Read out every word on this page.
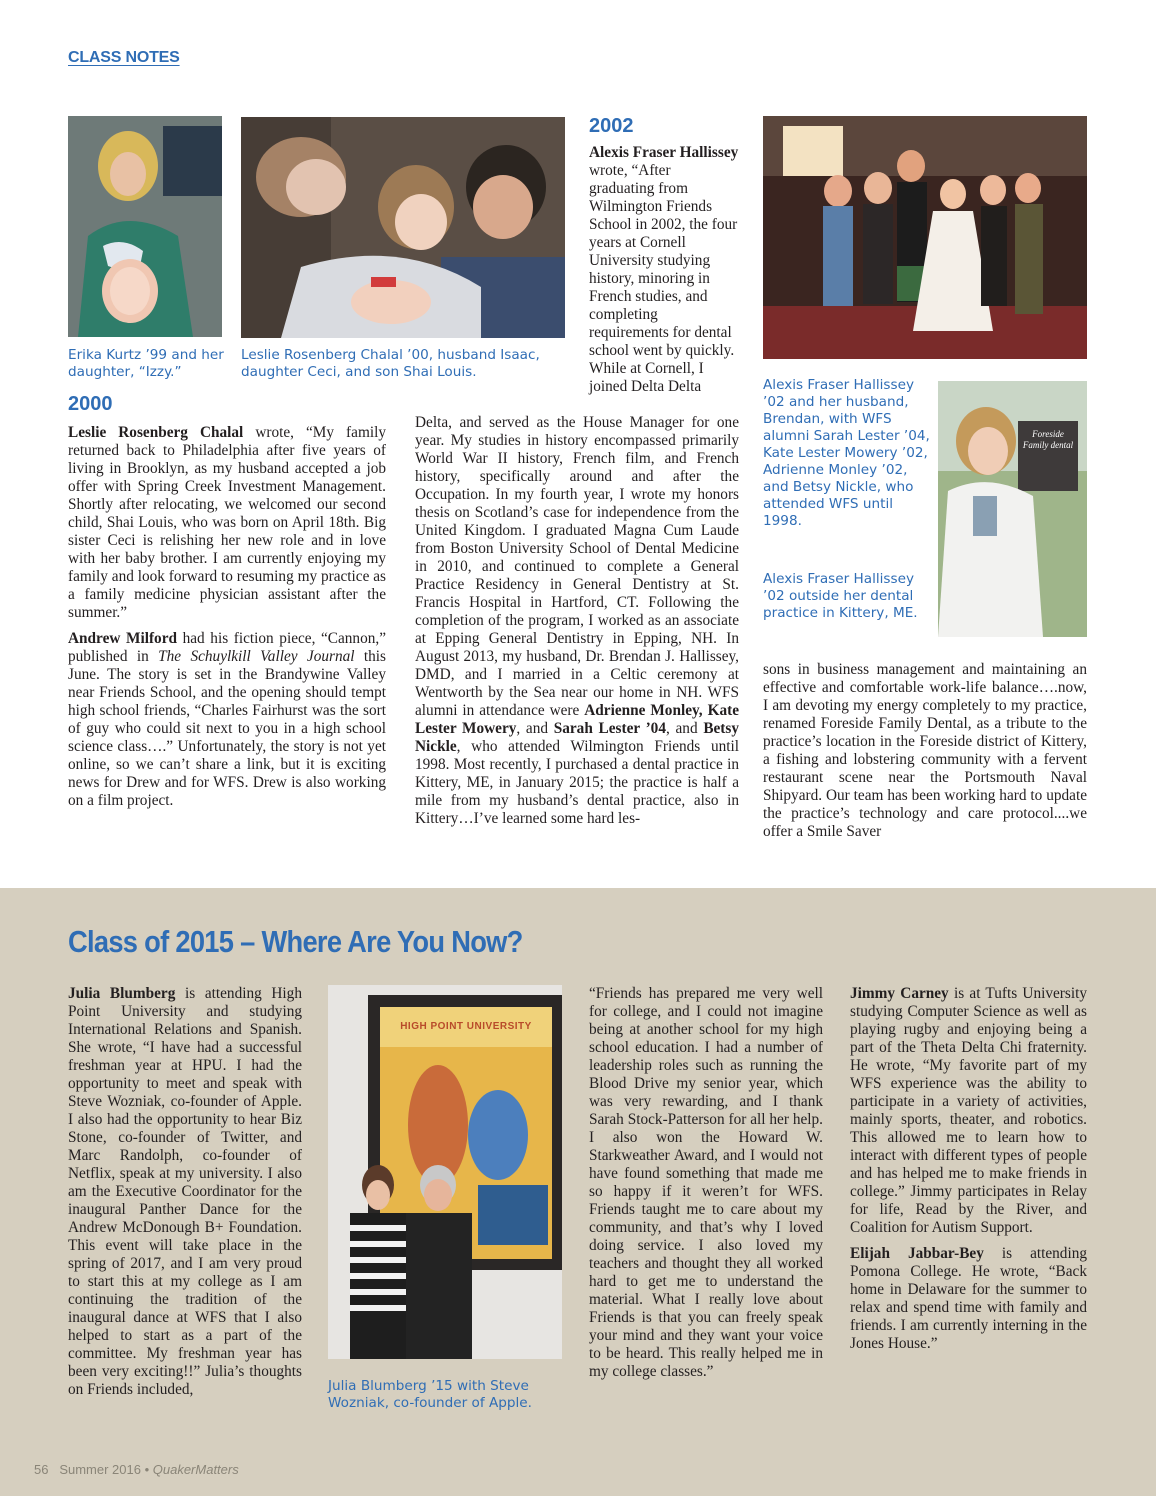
CLASS NOTES
Erika Kurtz ’99 and her daughter, “Izzy.”
Leslie Rosenberg Chalal ’00, husband Isaac, daughter Ceci, and son Shai Louis.
Alexis Fraser Hallissey ’02 and her husband, Brendan, with WFS alumni Sarah Lester ’04, Kate Lester Mowery ’02, Adrienne Monley ’02, and Betsy Nickle, who attended WFS until 1998.
Alexis Fraser Hallissey ’02 outside her dental practice in Kittery, ME.
Foreside Family dental
2000

Leslie Rosenberg Chalal wrote, “My family returned back to Philadelphia after five years of living in Brooklyn, as my husband accepted a job offer with Spring Creek Investment Management. Shortly after relocating, we welcomed our second child, Shai Louis, who was born on April 18th. Big sister Ceci is relishing her new role and in love with her baby brother. I am currently enjoying my family and look forward to resuming my practice as a family medicine physician assistant after the summer.”

Andrew Milford had his fiction piece, “Cannon,” published in The Schuylkill Valley Journal this June. The story is set in the Brandywine Valley near Friends School, and the opening should tempt high school friends, “Charles Fairhurst was the sort of guy who could sit next to you in a high school science class….” Unfortunately, the story is not yet online, so we can’t share a link, but it is exciting news for Drew and for WFS. Drew is also working on a film project.

2002

Alexis Fraser Hallissey wrote, “After graduating from Wilmington Friends School in 2002, the four years at Cornell University studying history, minoring in French studies, and completing requirements for dental school went by quickly. While at Cornell, I joined Delta Delta

Delta, and served as the House Manager for one year. My studies in history encompassed primarily World War II history, French film, and French history, specifically around and after the Occupation. In my fourth year, I wrote my honors thesis on Scotland’s case for independence from the United Kingdom. I graduated Magna Cum Laude from Boston University School of Dental Medicine in 2010, and continued to complete a General Practice Residency in General Dentistry at St. Francis Hospital in Hartford, CT. Following the completion of the program, I worked as an associate at Epping General Dentistry in Epping, NH. In August 2013, my husband, Dr. Brendan J. Hallissey, DMD, and I married in a Celtic ceremony at Wentworth by the Sea near our home in NH. WFS alumni in attendance were Adrienne Monley, Kate Lester Mowery, and Sarah Lester ’04, and Betsy Nickle, who attended Wilmington Friends until 1998. Most recently, I purchased a dental practice in Kittery, ME, in January 2015; the practice is half a mile from my husband’s dental practice, also in Kittery…I’ve learned some hard les-

sons in business management and maintaining an effective and comfortable work-life balance….now, I am devoting my energy completely to my practice, renamed Foreside Family Dental, as a tribute to the practice’s location in the Foreside district of Kittery, a fishing and lobstering community with a fervent restaurant scene near the Portsmouth Naval Shipyard. Our team has been working hard to update the practice’s technology and care protocol....we offer a Smile Saver

Class of 2015 – Where Are You Now?

Julia Blumberg is attending High Point University and studying International Relations and Spanish. She wrote, “I have had a successful freshman year at HPU. I had the opportunity to meet and speak with Steve Wozniak, co-founder of Apple. I also had the opportunity to hear Biz Stone, co-founder of Twitter, and Marc Randolph, co-founder of Netflix, speak at my university. I also am the Executive Coordinator for the inaugural Panther Dance for the Andrew McDonough B+ Foundation. This event will take place in the spring of 2017, and I am very proud to start this at my college as I am continuing the tradition of the inaugural dance at WFS that I also helped to start as a part of the committee. My freshman year has been very exciting!!” Julia’s thoughts on Friends included,

HIGH POINT UNIVERSITY
Julia Blumberg ’15 with Steve Wozniak, co-founder of Apple.

“Friends has prepared me very well for college, and I could not imagine being at another school for my high school education. I had a number of leadership roles such as running the Blood Drive my senior year, which was very rewarding, and I thank Sarah Stock-Patterson for all her help. I also won the Howard W. Starkweather Award, and I would not have found something that made me so happy if it weren’t for WFS. Friends taught me to care about my community, and that’s why I loved doing service. I also loved my teachers and thought they all worked hard to get me to understand the material. What I really love about Friends is that you can freely speak your mind and they want your voice to be heard. This really helped me in my college classes.”

Jimmy Carney is at Tufts University studying Computer Science as well as playing rugby and enjoying being a part of the Theta Delta Chi fraternity. He wrote, “My favorite part of my WFS experience was the ability to participate in a variety of activities, mainly sports, theater, and robotics. This allowed me to learn how to interact with different types of people and has helped me to make friends in college.” Jimmy participates in Relay for life, Read by the River, and Coalition for Autism Support.

Elijah Jabbar-Bey is attending Pomona College. He wrote, “Back home in Delaware for the summer to relax and spend time with family and friends. I am currently interning in the Jones House.”

56 Summer 2016 • QuakerMatters
